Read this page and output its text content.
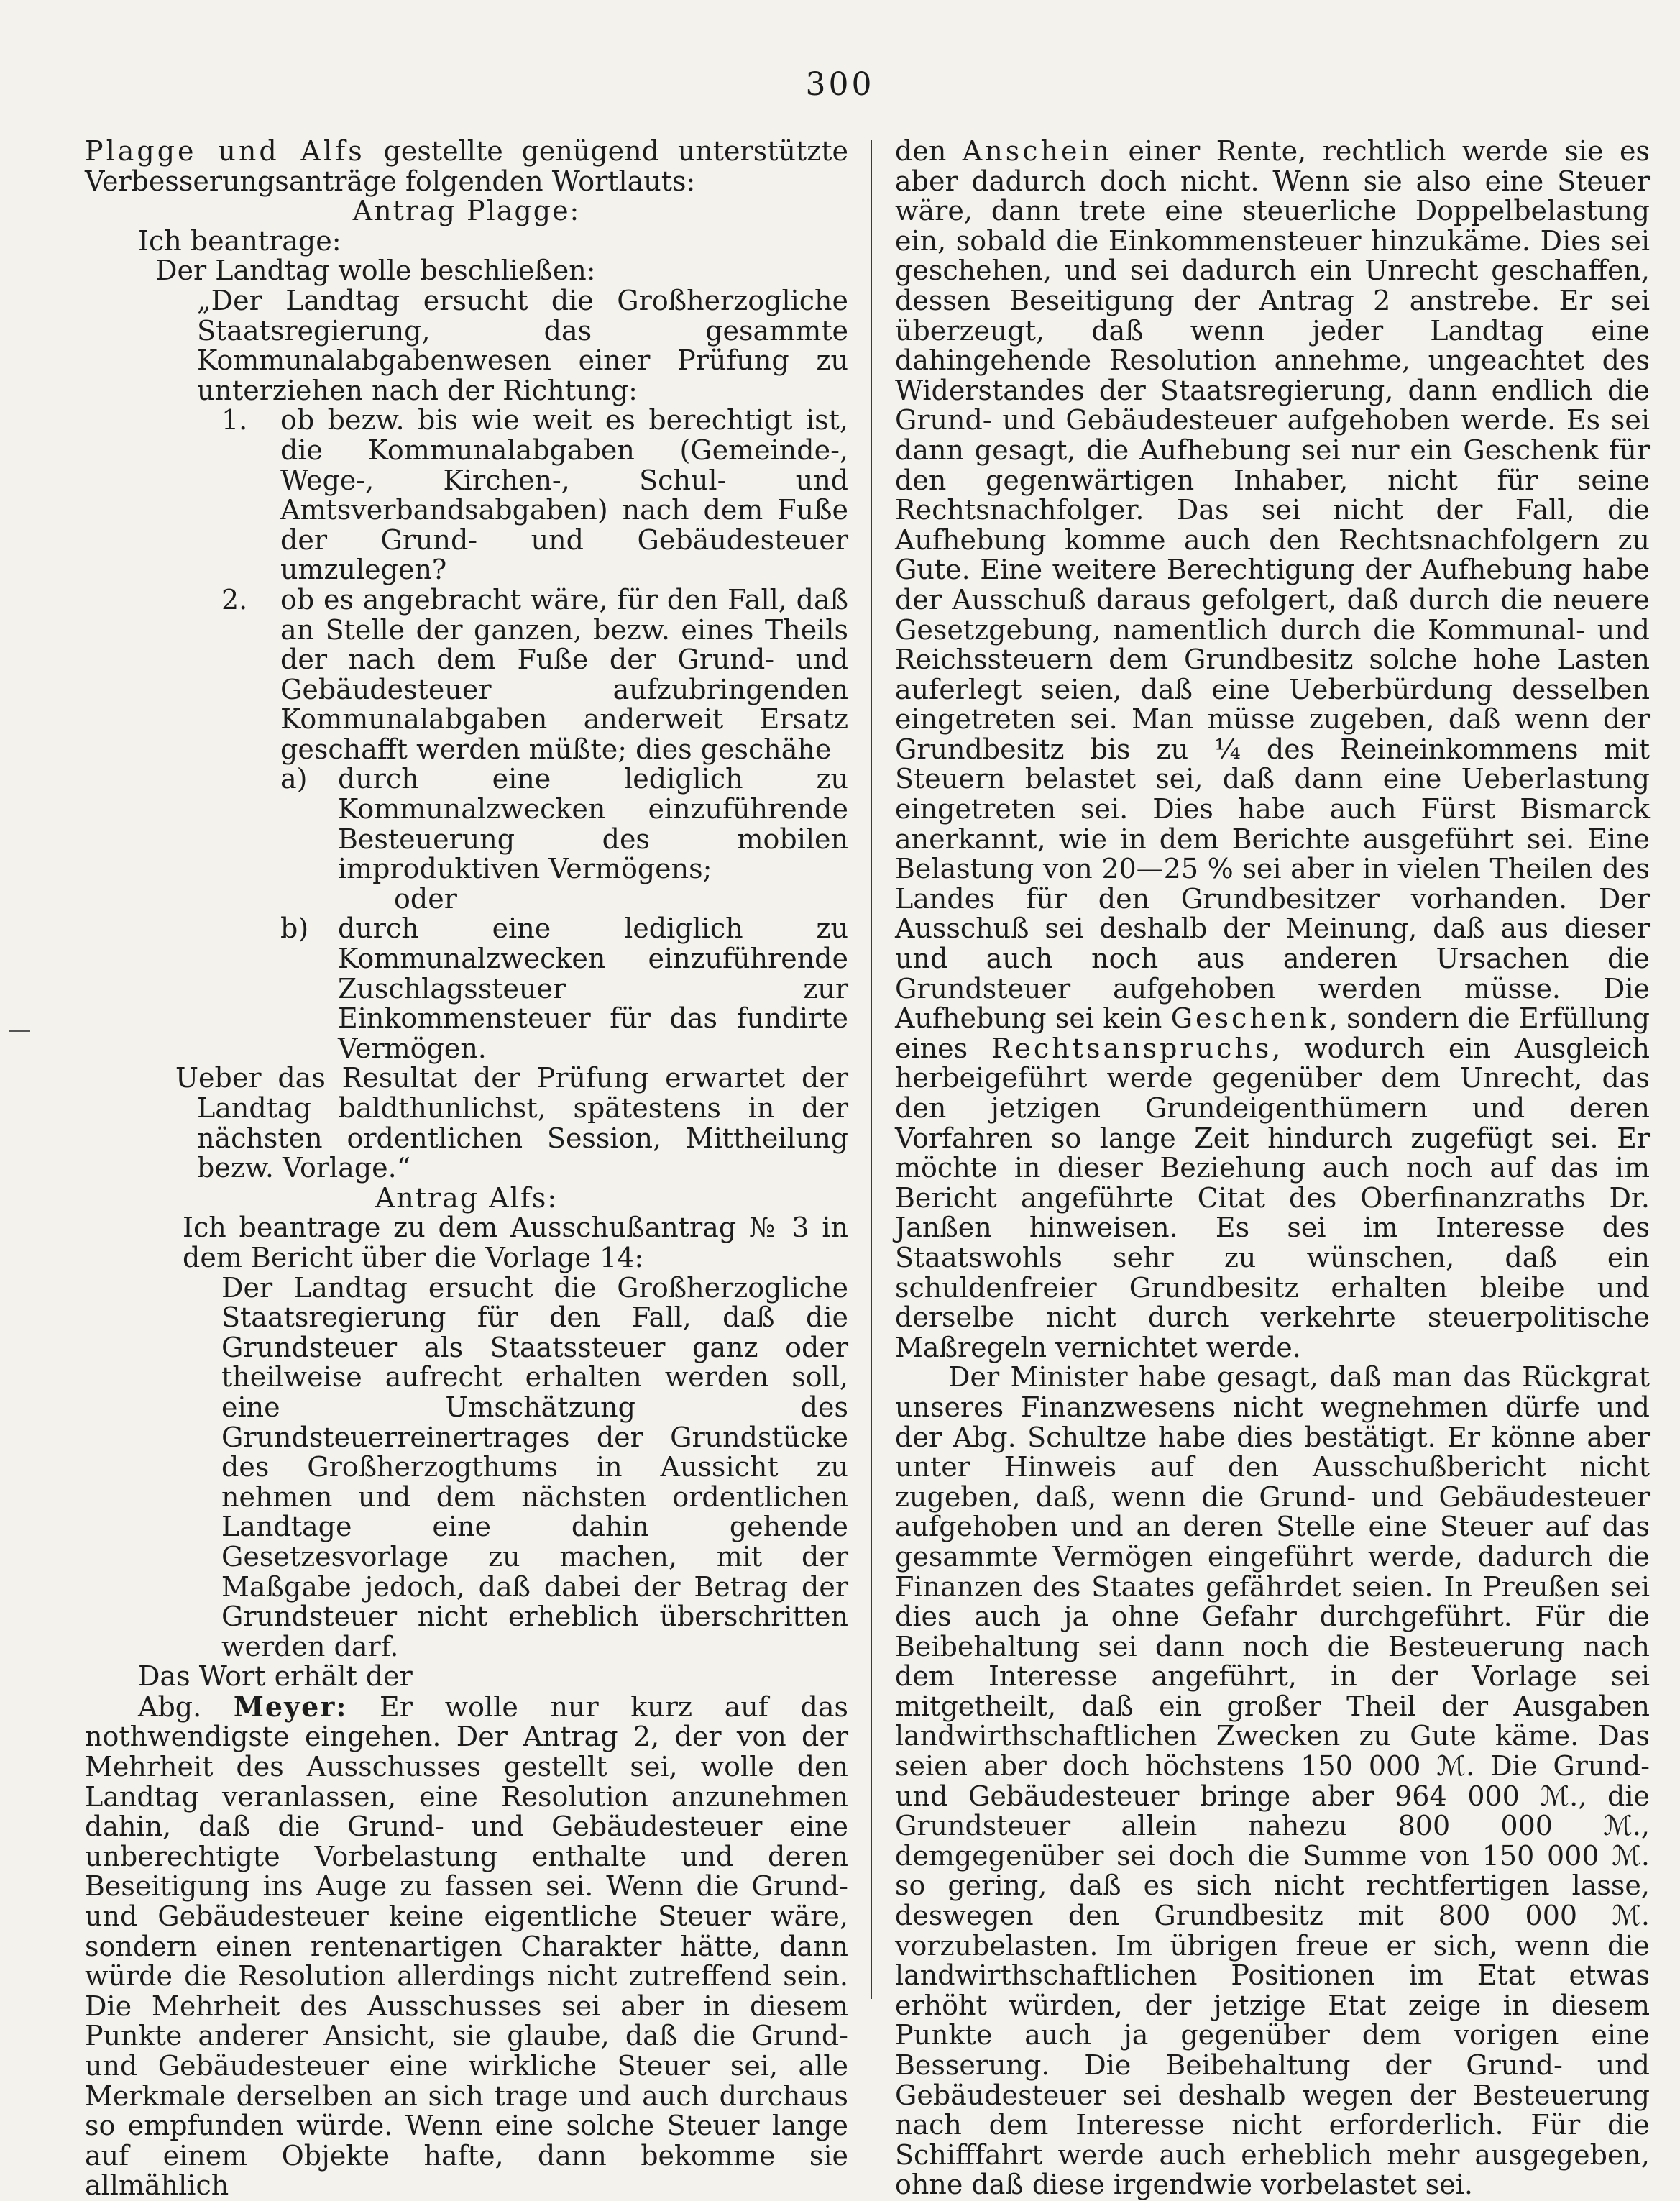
300

Plagge und Alfs gestellte genügend unterstützte Verbesserungsanträge folgenden Wortlauts:

Antrag Plagge:

Ich beantrage:

Der Landtag wolle beschließen:

„Der Landtag ersucht die Großherzogliche Staatsregierung, das gesammte Kommunalabgabenwesen einer Prüfung zu unterziehen nach der Richtung:

1.	ob bezw. bis wie weit es berechtigt ist, die Kommunalabgaben (Gemeinde-, Wege-, Kirchen-, Schul- und Amtsverbandsabgaben) nach dem Fuße der Grund- und Gebäudesteuer umzulegen?
2.	ob es angebracht wäre, für den Fall, daß an Stelle der ganzen, bezw. eines Theils der nach dem Fuße der Grund- und Gebäudesteuer aufzubringenden Kommunalabgaben anderweit Ersatz geschafft werden müßte; dies geschähe
a)	durch eine lediglich zu Kommunalzwecken einzuführende Besteuerung des mobilen improduktiven Vermögens;

oder

b)	durch eine lediglich zu Kommunalzwecken einzuführende Zuschlagssteuer zur Einkommensteuer für das fundirte Vermögen.

Ueber das Resultat der Prüfung erwartet der Landtag baldthunlichst, spätestens in der nächsten ordentlichen Session, Mittheilung bezw. Vorlage.“

Antrag Alfs:

Ich beantrage zu dem Ausschußantrag № 3 in dem Bericht über die Vorlage 14:

Der Landtag ersucht die Großherzogliche Staatsregierung für den Fall, daß die Grundsteuer als Staatssteuer ganz oder theilweise aufrecht erhalten werden soll, eine Umschätzung des Grundsteuerreinertrages der Grundstücke des Großherzogthums in Aussicht zu nehmen und dem nächsten ordentlichen Landtage eine dahin gehende Gesetzesvorlage zu machen, mit der Maßgabe jedoch, daß dabei der Betrag der Grundsteuer nicht erheblich überschritten werden darf.

Das Wort erhält der

Abg. Meyer: Er wolle nur kurz auf das nothwendigste eingehen. Der Antrag 2, der von der Mehrheit des Ausschusses gestellt sei, wolle den Landtag veranlassen, eine Resolution anzunehmen dahin, daß die Grund- und Gebäudesteuer eine unberechtigte Vorbelastung enthalte und deren Beseitigung ins Auge zu fassen sei. Wenn die Grund- und Gebäudesteuer keine eigentliche Steuer wäre, sondern einen rentenartigen Charakter hätte, dann würde die Resolution allerdings nicht zutreffend sein. Die Mehrheit des Ausschusses sei aber in diesem Punkte anderer Ansicht, sie glaube, daß die Grund- und Gebäudesteuer eine wirkliche Steuer sei, alle Merkmale derselben an sich trage und auch durchaus so empfunden würde. Wenn eine solche Steuer lange auf einem Objekte hafte, dann bekomme sie allmählich

den Anschein einer Rente, rechtlich werde sie es aber dadurch doch nicht. Wenn sie also eine Steuer wäre, dann trete eine steuerliche Doppelbelastung ein, sobald die Einkommensteuer hinzukäme. Dies sei geschehen, und sei dadurch ein Unrecht geschaffen, dessen Beseitigung der Antrag 2 anstrebe. Er sei überzeugt, daß wenn jeder Landtag eine dahingehende Resolution annehme, ungeachtet des Widerstandes der Staatsregierung, dann endlich die Grund- und Gebäudesteuer aufgehoben werde. Es sei dann gesagt, die Aufhebung sei nur ein Geschenk für den gegenwärtigen Inhaber, nicht für seine Rechtsnachfolger. Das sei nicht der Fall, die Aufhebung komme auch den Rechtsnachfolgern zu Gute. Eine weitere Berechtigung der Aufhebung habe der Ausschuß daraus gefolgert, daß durch die neuere Gesetzgebung, namentlich durch die Kommunal- und Reichssteuern dem Grundbesitz solche hohe Lasten auferlegt seien, daß eine Ueberbürdung desselben eingetreten sei. Man müsse zugeben, daß wenn der Grundbesitz bis zu ¼ des Reineinkommens mit Steuern belastet sei, daß dann eine Ueberlastung eingetreten sei. Dies habe auch Fürst Bismarck anerkannt, wie in dem Berichte ausgeführt sei. Eine Belastung von 20—25 % sei aber in vielen Theilen des Landes für den Grundbesitzer vorhanden. Der Ausschuß sei deshalb der Meinung, daß aus dieser und auch noch aus anderen Ursachen die Grundsteuer aufgehoben werden müsse. Die Aufhebung sei kein Geschenk, sondern die Erfüllung eines Rechtsanspruchs, wodurch ein Ausgleich herbeigeführt werde gegenüber dem Unrecht, das den jetzigen Grundeigenthümern und deren Vorfahren so lange Zeit hindurch zugefügt sei. Er möchte in dieser Beziehung auch noch auf das im Bericht angeführte Citat des Oberfinanzraths Dr. Janßen hinweisen. Es sei im Interesse des Staatswohls sehr zu wünschen, daß ein schuldenfreier Grundbesitz erhalten bleibe und derselbe nicht durch verkehrte steuerpolitische Maßregeln vernichtet werde.

Der Minister habe gesagt, daß man das Rückgrat unseres Finanzwesens nicht wegnehmen dürfe und der Abg. Schultze habe dies bestätigt. Er könne aber unter Hinweis auf den Ausschußbericht nicht zugeben, daß, wenn die Grund- und Gebäudesteuer aufgehoben und an deren Stelle eine Steuer auf das gesammte Vermögen eingeführt werde, dadurch die Finanzen des Staates gefährdet seien. In Preußen sei dies auch ja ohne Gefahr durchgeführt. Für die Beibehaltung sei dann noch die Besteuerung nach dem Interesse angeführt, in der Vorlage sei mitgetheilt, daß ein großer Theil der Ausgaben landwirthschaftlichen Zwecken zu Gute käme. Das seien aber doch höchstens 150 000 ℳ. Die Grund- und Gebäudesteuer bringe aber 964 000 ℳ., die Grundsteuer allein nahezu 800 000 ℳ., demgegenüber sei doch die Summe von 150 000 ℳ. so gering, daß es sich nicht rechtfertigen lasse, deswegen den Grundbesitz mit 800 000 ℳ. vorzubelasten. Im übrigen freue er sich, wenn die landwirthschaftlichen Positionen im Etat etwas erhöht würden, der jetzige Etat zeige in diesem Punkte auch ja gegenüber dem vorigen eine Besserung. Die Beibehaltung der Grund- und Gebäudesteuer sei deshalb wegen der Besteuerung nach dem Interesse nicht erforderlich. Für die Schifffahrt werde auch erheblich mehr ausgegeben, ohne daß diese irgendwie vorbelastet sei.
